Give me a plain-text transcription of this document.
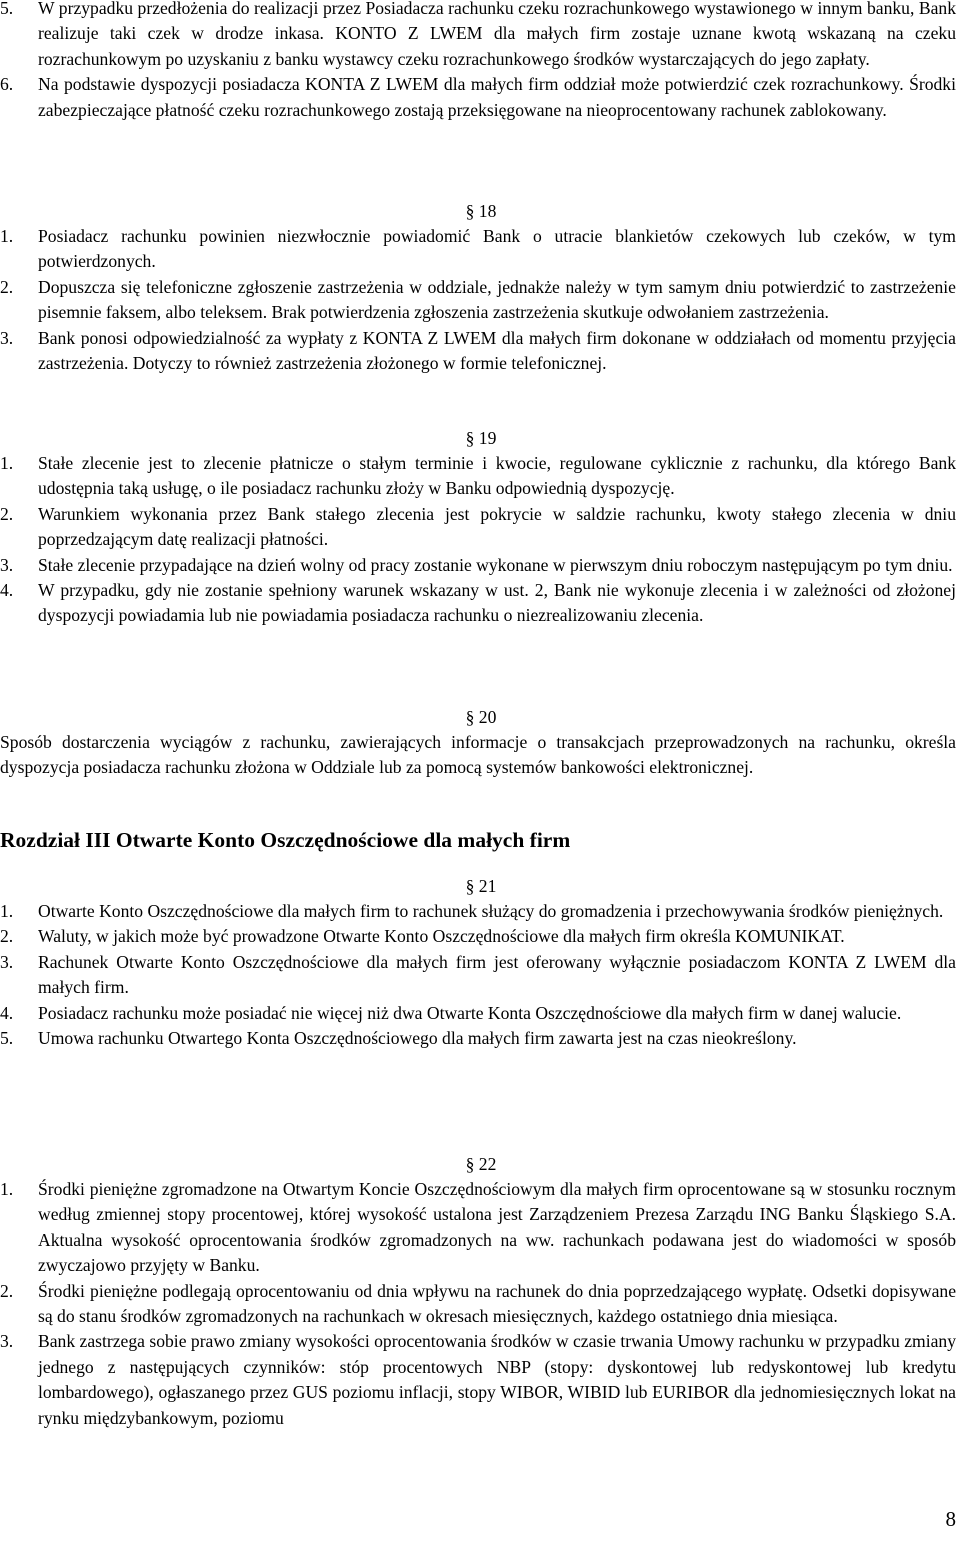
5. W przypadku przedłożenia do realizacji przez Posiadacza rachunku czeku rozrachunkowego wystawionego w innym banku, Bank realizuje taki czek w drodze inkasa. KONTO Z LWEM dla małych firm zostaje uznane kwotą wskazaną na czeku rozrachunkowym po uzyskaniu z banku wystawcy czeku rozrachunkowego środków wystarczających do jego zapłaty.

6. Na podstawie dyspozycji posiadacza KONTA Z LWEM dla małych firm oddział może potwierdzić czek rozrachunkowy. Środki zabezpieczające płatność czeku rozrachunkowego zostają przeksięgowane na nieoprocentowany rachunek zablokowany.

§ 18

1. Posiadacz rachunku powinien niezwłocznie powiadomić Bank o utracie blankietów czekowych lub czeków, w tym potwierdzonych.

2. Dopuszcza się telefoniczne zgłoszenie zastrzeżenia w oddziale, jednakże należy w tym samym dniu potwierdzić to zastrzeżenie pisemnie faksem, albo teleksem. Brak potwierdzenia zgłoszenia zastrzeżenia skutkuje odwołaniem zastrzeżenia.

3. Bank ponosi odpowiedzialność za wypłaty z KONTA Z LWEM dla małych firm dokonane w oddziałach od momentu przyjęcia zastrzeżenia. Dotyczy to również zastrzeżenia złożonego w formie telefonicznej.

§ 19

1. Stałe zlecenie jest to zlecenie płatnicze o stałym terminie i kwocie, regulowane cyklicznie z rachunku, dla którego Bank udostępnia taką usługę, o ile posiadacz rachunku złoży w Banku odpowiednią dyspozycję.

2. Warunkiem wykonania przez Bank stałego zlecenia jest pokrycie w saldzie rachunku, kwoty stałego zlecenia w dniu poprzedzającym datę realizacji płatności.

3. Stałe zlecenie przypadające na dzień wolny od pracy zostanie wykonane w pierwszym dniu roboczym następującym po tym dniu.

4. W przypadku, gdy nie zostanie spełniony warunek wskazany w ust. 2, Bank nie wykonuje zlecenia i w zależności od złożonej dyspozycji powiadamia lub nie powiadamia posiadacza rachunku o niezrealizowaniu zlecenia.

§ 20

Sposób dostarczenia wyciągów z rachunku, zawierających informacje o transakcjach przeprowadzonych na rachunku, określa dyspozycja posiadacza rachunku złożona w Oddziale lub za pomocą systemów bankowości elektronicznej.

Rozdział III Otwarte Konto Oszczędnościowe dla małych firm

§ 21

1. Otwarte Konto Oszczędnościowe dla małych firm to rachunek służący do gromadzenia i przechowywania środków pieniężnych.

2. Waluty, w jakich może być prowadzone Otwarte Konto Oszczędnościowe dla małych firm określa KOMUNIKAT.

3. Rachunek Otwarte Konto Oszczędnościowe dla małych firm jest oferowany wyłącznie posiadaczom KONTA Z LWEM dla małych firm.

4. Posiadacz rachunku może posiadać nie więcej niż dwa Otwarte Konta Oszczędnościowe dla małych firm w danej walucie.

5. Umowa rachunku Otwartego Konta Oszczędnościowego dla małych firm zawarta jest na czas nieokreślony.

§ 22

1. Środki pieniężne zgromadzone na Otwartym Koncie Oszczędnościowym dla małych firm oprocentowane są w stosunku rocznym według zmiennej stopy procentowej, której wysokość ustalona jest Zarządzeniem Prezesa Zarządu ING Banku Śląskiego S.A. Aktualna wysokość oprocentowania środków zgromadzonych na ww. rachunkach podawana jest do wiadomości w sposób zwyczajowo przyjęty w Banku.

2. Środki pieniężne podlegają oprocentowaniu od dnia wpływu na rachunek do dnia poprzedzającego wypłatę. Odsetki dopisywane są do stanu środków zgromadzonych na rachunkach w okresach miesięcznych, każdego ostatniego dnia miesiąca.

3. Bank zastrzega sobie prawo zmiany wysokości oprocentowania środków w czasie trwania Umowy rachunku w przypadku zmiany jednego z następujących czynników: stóp procentowych NBP (stopy: dyskontowej lub redyskontowej lub kredytu lombardowego), ogłaszanego przez GUS poziomu inflacji, stopy WIBOR, WIBID lub EURIBOR dla jednomiesięcznych lokat na rynku międzybankowym, poziomu

8
